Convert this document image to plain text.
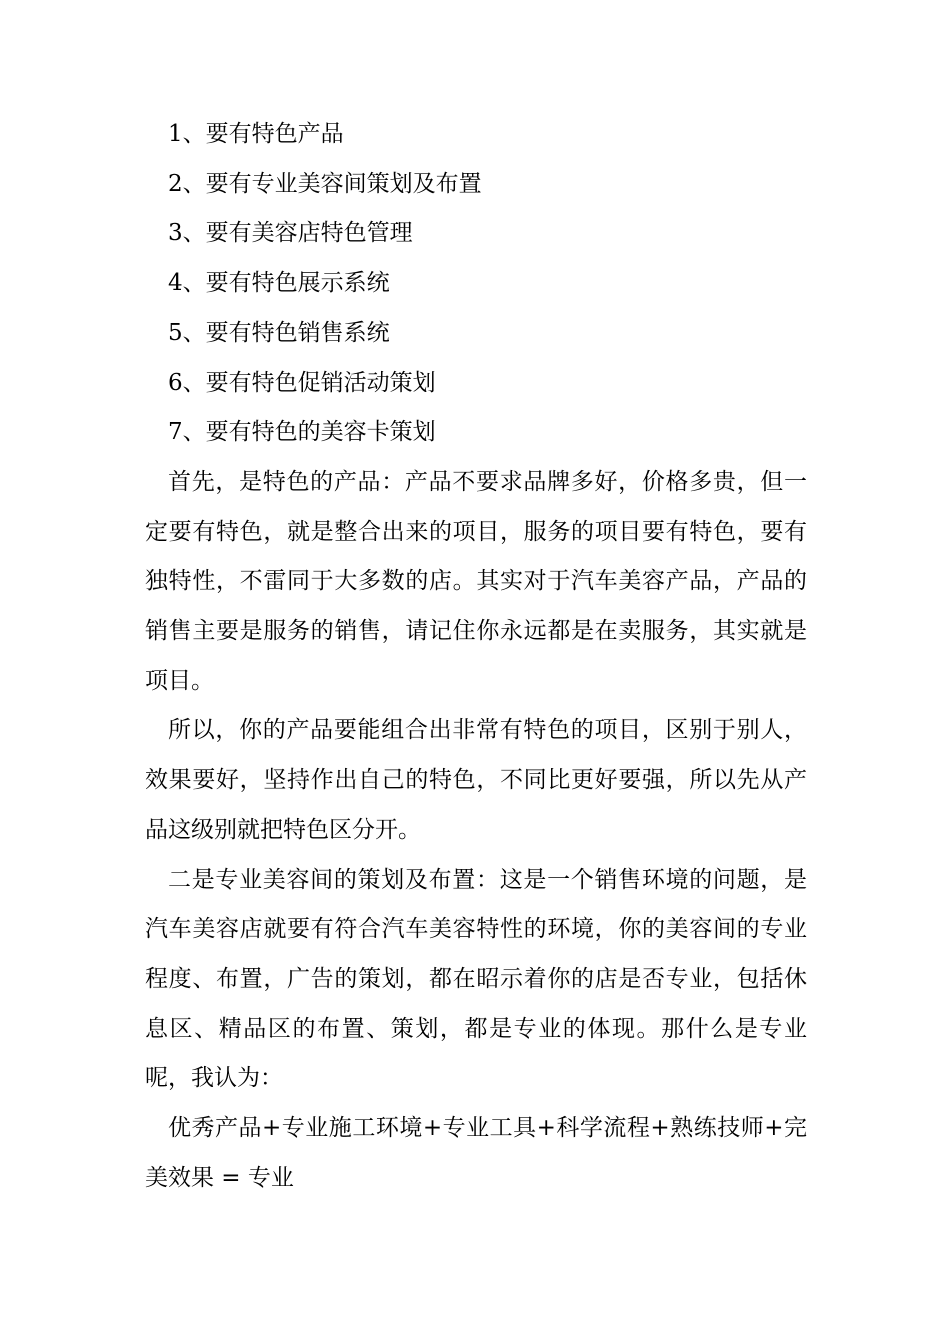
1、要有特色产品
2、要有专业美容间策划及布置
3、要有美容店特色管理
4、要有特色展示系统
5、要有特色销售系统
6、要有特色促销活动策划
7、要有特色的美容卡策划

首先，是特色的产品：产品不要求品牌多好，价格多贵，但一定要有特色，就是整合出来的项目，服务的项目要有特色，要有独特性，不雷同于大多数的店。其实对于汽车美容产品，产品的销售主要是服务的销售，请记住你永远都是在卖服务，其实就是项目。

所以，你的产品要能组合出非常有特色的项目，区别于别人，效果要好，坚持作出自己的特色，不同比更好要强，所以先从产品这级别就把特色区分开。

二是专业美容间的策划及布置：这是一个销售环境的问题，是汽车美容店就要有符合汽车美容特性的环境，你的美容间的专业程度、布置，广告的策划，都在昭示着你的店是否专业，包括休息区、精品区的布置、策划，都是专业的体现。那什么是专业呢，我认为：

优秀产品+专业施工环境+专业工具+科学流程+熟练技师+完美效果 = 专业
